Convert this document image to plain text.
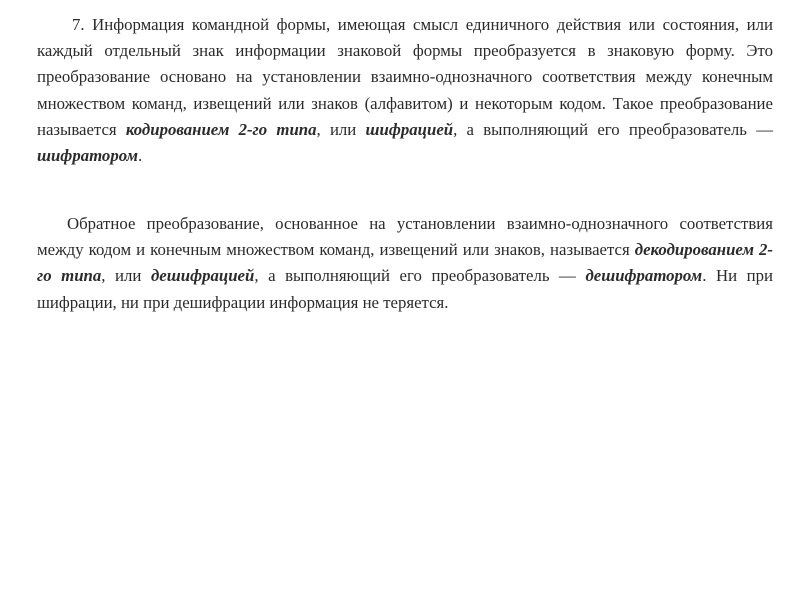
7. Информация командной формы, имеющая смысл единичного действия или состояния, или каждый отдельный знак информации знаковой формы преобразуется в знаковую форму. Это преобразование основано на установлении взаимно-однозначного соответствия между конечным множеством команд, извещений или знаков (алфавитом) и некоторым кодом. Такое преобразование называется кодированием 2-го типа, или шифрацией, а выполняющий его преобразователь — шифратором.

Обратное преобразование, основанное на установлении взаимно-однозначного соответствия между кодом и конечным множеством команд, извещений или знаков, называется декодированием 2-го типа, или дешифрацией, а выполняющий его преобразователь — дешифратором. Ни при шифрации, ни при дешифрации информация не теряется.
